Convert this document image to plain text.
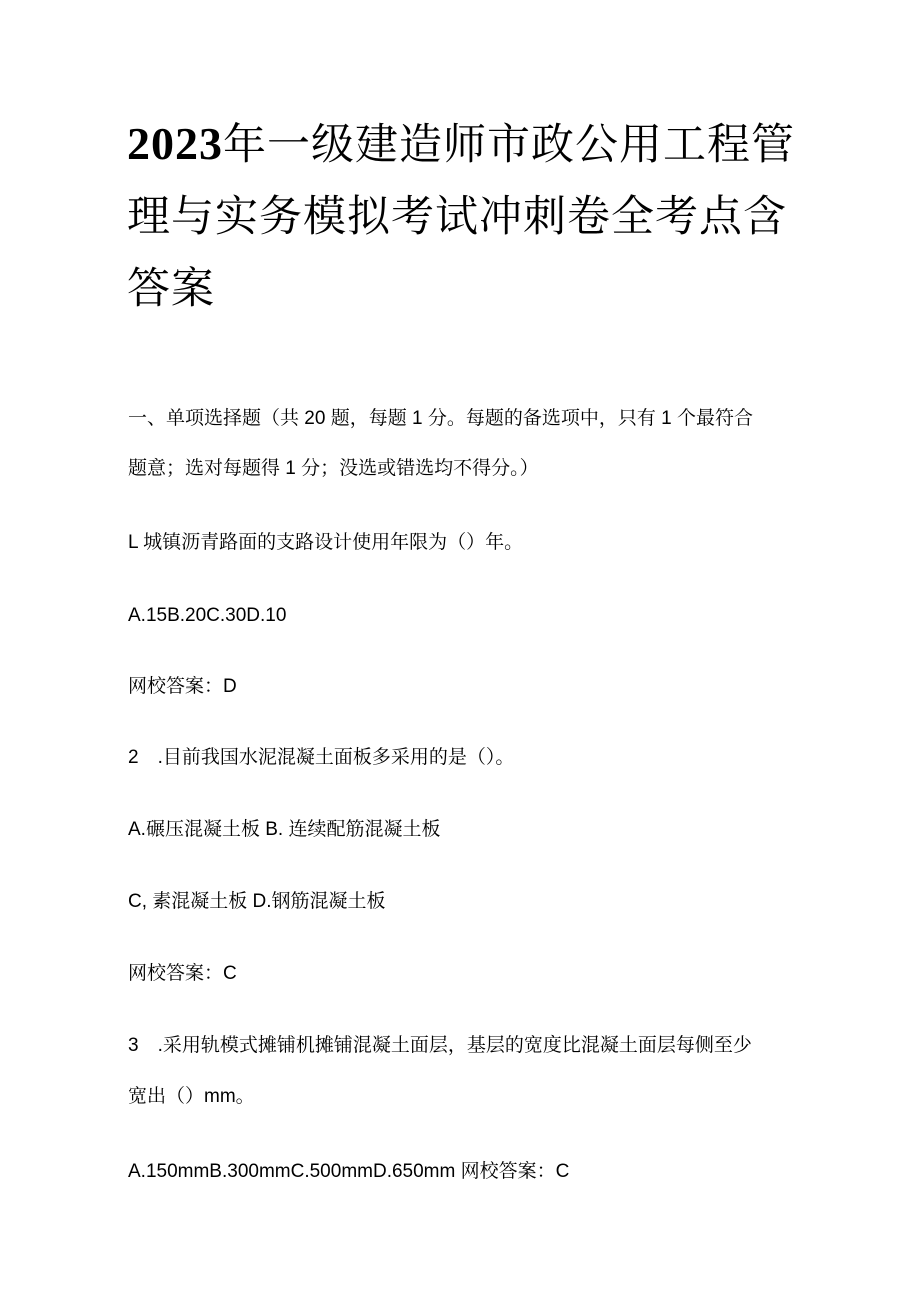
2023年一级建造师市政公用工程管理与实务模拟考试冲刺卷全考点含答案

一、单项选择题（共 20 题，每题 1 分。每题的备选项中，只有 1 个最符合

题意；选对每题得 1 分；没选或错选均不得分。）

L 城镇沥青路面的支路设计使用年限为（）年。

A.15B.20C.30D.10

网校答案：D

2　.目前我国水泥混凝土面板多采用的是（）。

A.碾压混凝土板 B. 连续配筋混凝土板

C, 素混凝土板 D.钢筋混凝土板

网校答案：C

3　.采用轨模式摊铺机摊铺混凝土面层，基层的宽度比混凝土面层每侧至少

宽出（）mm。

A.150mmB.300mmC.500mmD.650mm 网校答案：C
